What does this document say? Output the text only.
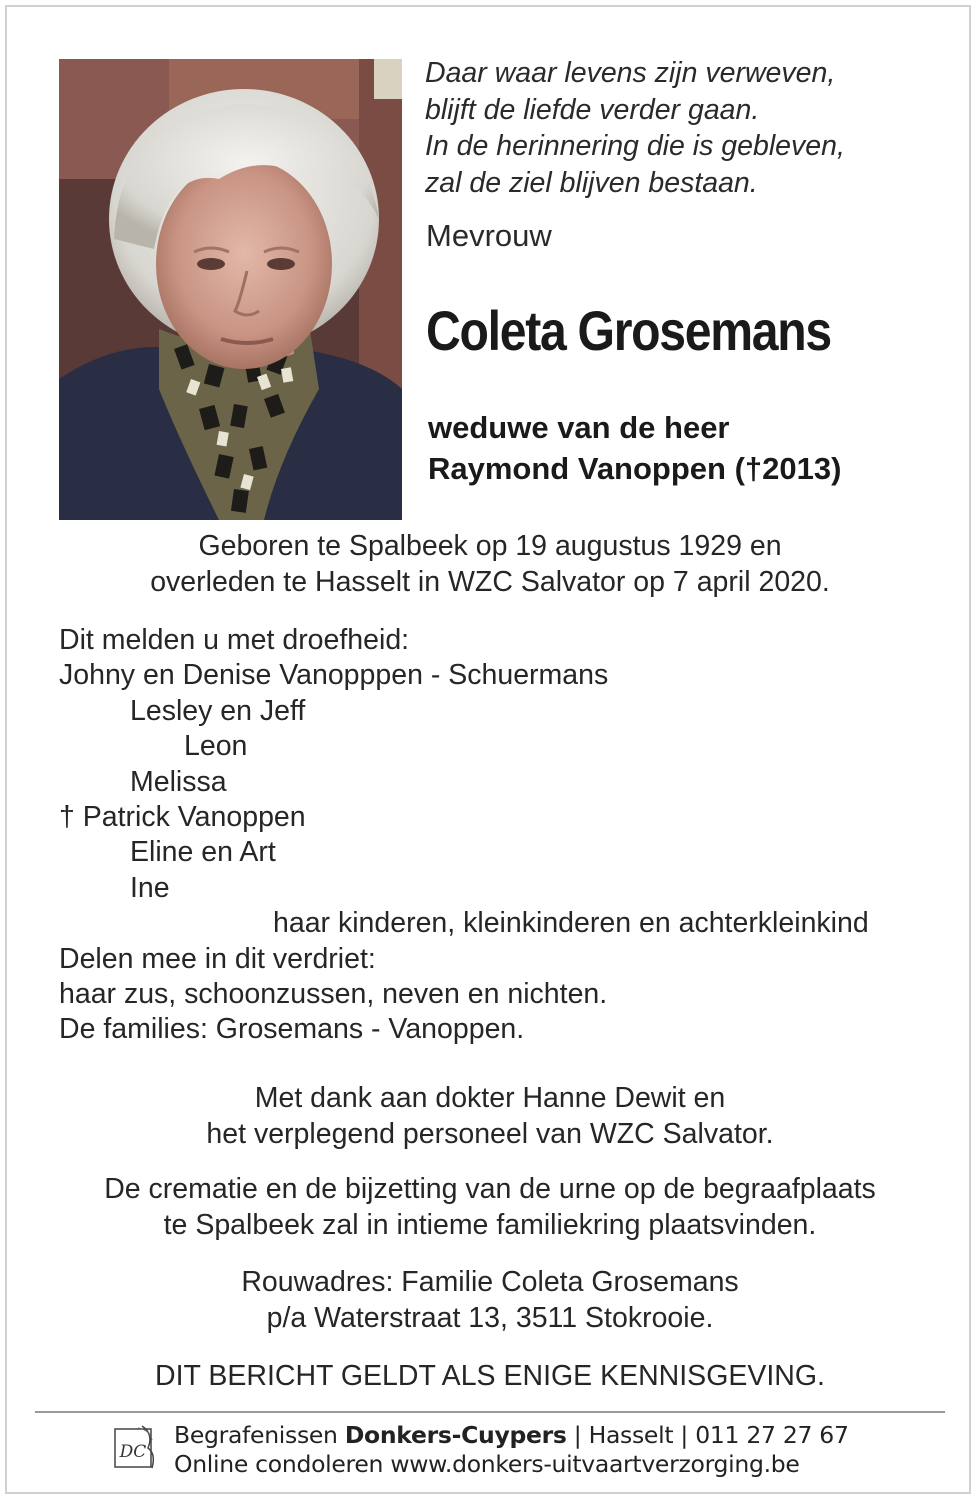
Daar waar levens zijn verweven,
blijft de liefde verder gaan.
In de herinnering die is gebleven,
zal de ziel blijven bestaan.
Mevrouw
Coleta Grosemans
weduwe van de heer
Raymond Vanoppen (†2013)
Geboren te Spalbeek op 19 augustus 1929 en
overleden te Hasselt in WZC Salvator op 7 april 2020.
Dit melden u met droefheid:
Johny en Denise Vanopppen - Schuermans
Lesley en Jeff
Leon
Melissa
† Patrick Vanoppen
Eline en Art
Ine
haar kinderen, kleinkinderen en achterkleinkind
Delen mee in dit verdriet:
haar zus, schoonzussen, neven en nichten.
De families: Grosemans - Vanoppen.
Met dank aan dokter Hanne Dewit en
het verplegend personeel van WZC Salvator.
De crematie en de bijzetting van de urne op de begraafplaats
te Spalbeek zal in intieme familiekring plaatsvinden.
Rouwadres: Familie Coleta Grosemans
p/a Waterstraat 13, 3511 Stokrooie.
DIT BERICHT GELDT ALS ENIGE KENNISGEVING.
DC
Begrafenissen Donkers-Cuypers | Hasselt | 011 27 27 67
Online condoleren www.donkers-uitvaartverzorging.be
